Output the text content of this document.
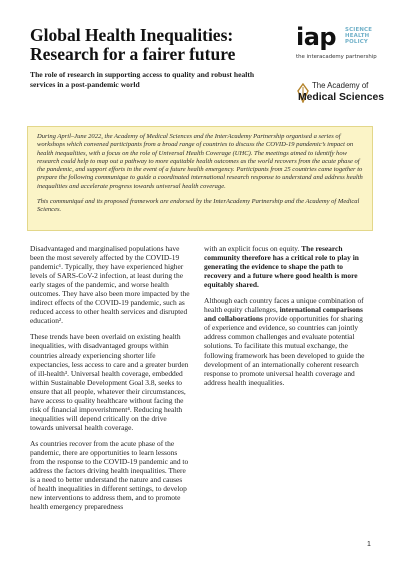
Global Health Inequalities: Research for a fairer future
The role of research in supporting access to quality and robust health services in a post-pandemic world
iap SCIENCE
HEALTH
POLICY
the interacademy partnership
The Academy of
Medical Sciences

During April–June 2022, the Academy of Medical Sciences and the InterAcademy Partnership organised a series of workshops which convened participants from a broad range of countries to discuss the COVID-19 pandemic’s impact on health inequalities, with a focus on the role of Universal Health Coverage (UHC). The meetings aimed to identify how research could help to map out a pathway to more equitable health outcomes as the world recovers from the acute phase of the pandemic, and support efforts in the event of a future health emergency. Participants from 25 countries came together to prepare the following communique to guide a coordinated international research response to understand and address health inequalities and accelerate progress towards universal health coverage.

This communiqué and its proposed framework are endorsed by the InterAcademy Partnership and the Academy of Medical Sciences.

Disadvantaged and marginalised populations have been the most severely affected by the COVID-19 pandemic¹. Typically, they have experienced higher levels of SARS-CoV-2 infection, at least during the early stages of the pandemic, and worse health outcomes. They have also been more impacted by the indirect effects of the COVID-19 pandemic, such as reduced access to other health services and disrupted education².

These trends have been overlaid on existing health inequalities, with disadvantaged groups within countries already experiencing shorter life expectancies, less access to care and a greater burden of ill-health³. Universal health coverage, embedded within Sustainable Development Goal 3.8, seeks to ensure that all people, whatever their circumstances, have access to quality healthcare without facing the risk of financial impoverishment⁴. Reducing health inequalities will depend critically on the drive towards universal health coverage.

As countries recover from the acute phase of the pandemic, there are opportunities to learn lessons from the response to the COVID-19 pandemic and to address the factors driving health inequalities. There is a need to better understand the nature and causes of health inequalities in different settings, to develop new interventions to address them, and to promote health emergency preparedness

with an explicit focus on equity. The research community therefore has a critical role to play in generating the evidence to shape the path to recovery and a future where good health is more equitably shared.

Although each country faces a unique combination of health equity challenges, international comparisons and collaborations provide opportunities for sharing of experience and evidence, so countries can jointly address common challenges and evaluate potential solutions. To facilitate this mutual exchange, the following framework has been developed to guide the development of an internationally coherent research response to promote universal health coverage and address health inequalities.

1
